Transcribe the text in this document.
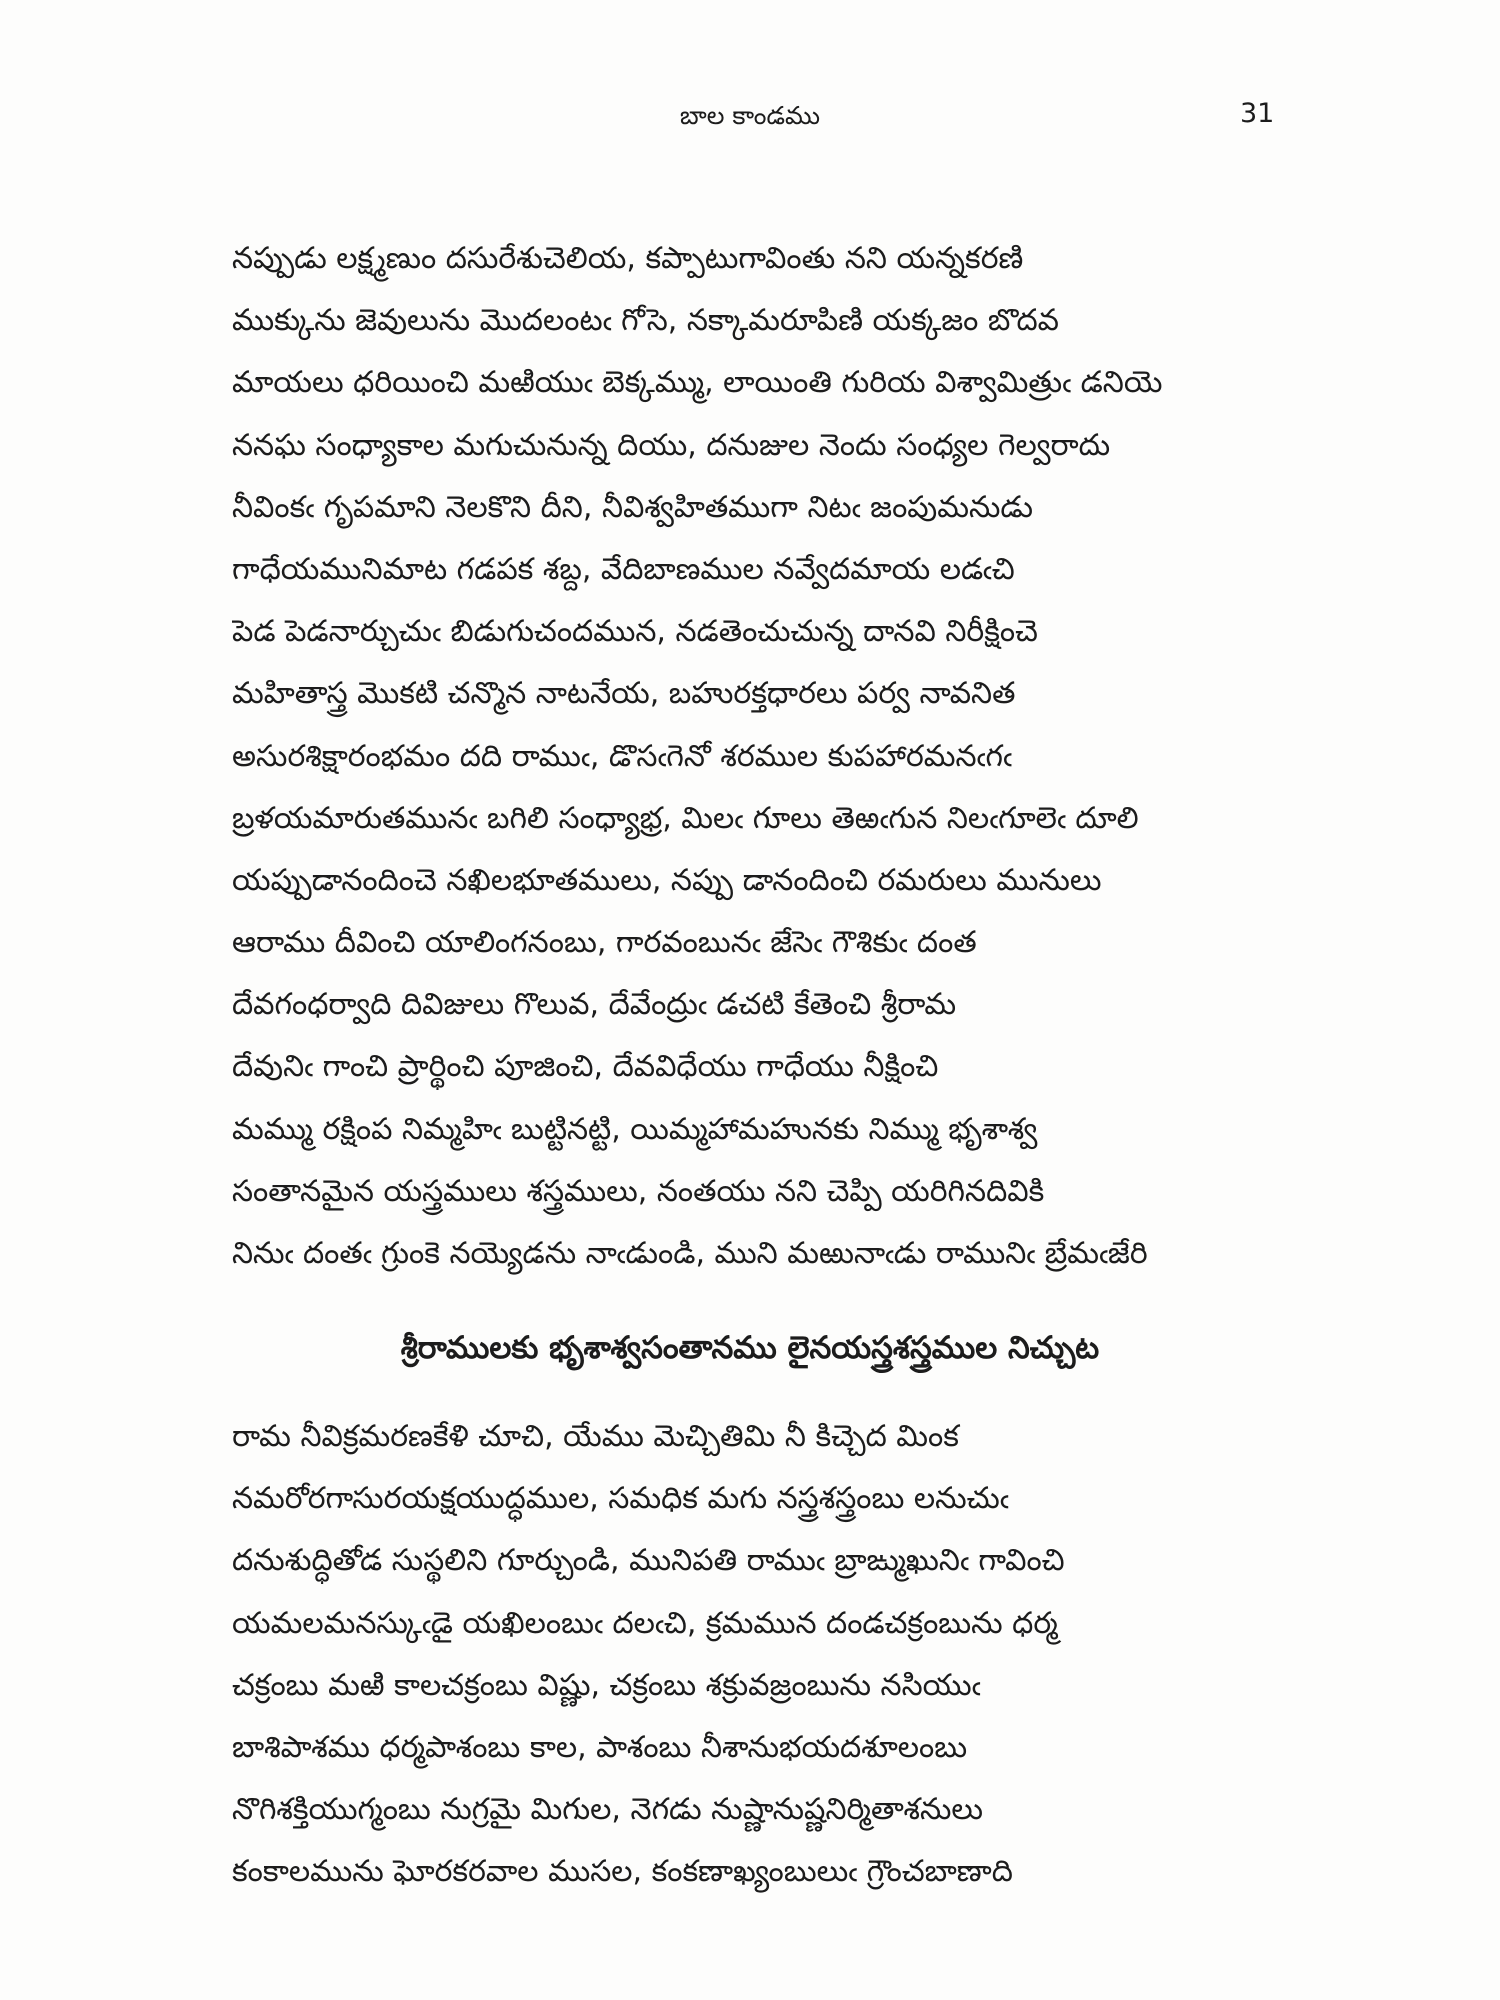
బాల కాండము	31
నప్పుడు లక్ష్మణుం దసురేశుచెలియ, కప్పాటుగావింతు నని యన్నకరణి
ముక్కును జెవులును మొదలంటఁ గోసె, నక్కామరూపిణి యక్కజం బొదవ
మాయలు ధరియించి మఱియుఁ బెక్కమ్ము, లాయింతి గురియ విశ్వామిత్రుఁ డనియె
ననఘ సంధ్యాకాల మగుచునున్న దియు, దనుజుల నెందు సంధ్యల గెల్వరాదు
నీవింకఁ గృపమాని నెలకొని దీని, నీవిశ్వహితముగా నిటఁ జంపుమనుడు
గాధేయమునిమాట గడపక శబ్ద, వేదిబాణముల నవ్వేదమాయ లడఁచి
పెడ పెడనార్చుచుఁ బిడుగుచందమున, నడతెంచుచున్న దానవి నిరీక్షించె
మహితాస్త్ర మొకటి చన్మొన నాటనేయ, బహురక్తధారలు పర్వ నావనిత
అసురశిక్షారంభమం దది రాముఁ, డొసఁగెనో శరముల కుపహారమనఁగఁ
బ్రళయమారుతమునఁ బగిలి సంధ్యాభ్ర, మిలఁ గూలు తెఱఁగున నిలఁగూలెఁ దూలి
యప్పుడానందించె నఖిలభూతములు, నప్పు డానందించి రమరులు మునులు
ఆరాము దీవించి యాలింగనంబు, గారవంబునఁ జేసెఁ గౌశికుఁ దంత
దేవగంధర్వాది దివిజులు గొలువ, దేవేంద్రుఁ డచటి కేతెంచి శ్రీరామ
దేవునిఁ గాంచి ప్రార్థించి పూజించి, దేవవిధేయు గాధేయు నీక్షించి
మమ్ము రక్షింప నిమ్మహిఁ బుట్టినట్టి, యిమ్మహామహునకు నిమ్ము భృశాశ్వ
సంతానమైన యస్త్రములు శస్త్రములు, నంతయు నని చెప్పి యరిగినదివికి
నినుఁ దంతఁ గ్రుంకె నయ్యెడను నాఁడుండి, ముని మఱునాఁడు రామునిఁ బ్రేమఁజేరి
శ్రీరాములకు భృశాశ్వసంతానము లైనయస్త్రశస్త్రముల నిచ్చుట
రామ నీవిక్రమరణకేళి చూచి, యేము మెచ్చితిమి నీ కిచ్చెద మింక
నమరోరగాసురయక్షయుద్ధముల, సమధిక మగు నస్త్రశస్త్రంబు లనుచుఁ
దనుశుద్ధితోడ సుస్థలిని గూర్చుండి, మునిపతి రాముఁ బ్రాఙ్ముఖునిఁ గావించి
యమలమనస్కుఁడై యఖిలంబుఁ దలఁచి, క్రమమున దండచక్రంబును ధర్మ
చక్రంబు మఱి కాలచక్రంబు విష్ణు, చక్రంబు శక్రువజ్రంబును నసియుఁ
బాశిపాశము ధర్మపాశంబు కాల, పాశంబు నీశానుభయదశూలంబు
నొగిశక్తియుగ్మంబు నుగ్రమై మిగుల, నెగడు నుష్ణానుష్ణనిర్మితాశనులు
కంకాలమును ఘోరకరవాల ముసల, కంకణాఖ్యంబులుఁ గ్రౌంచబాణాది
